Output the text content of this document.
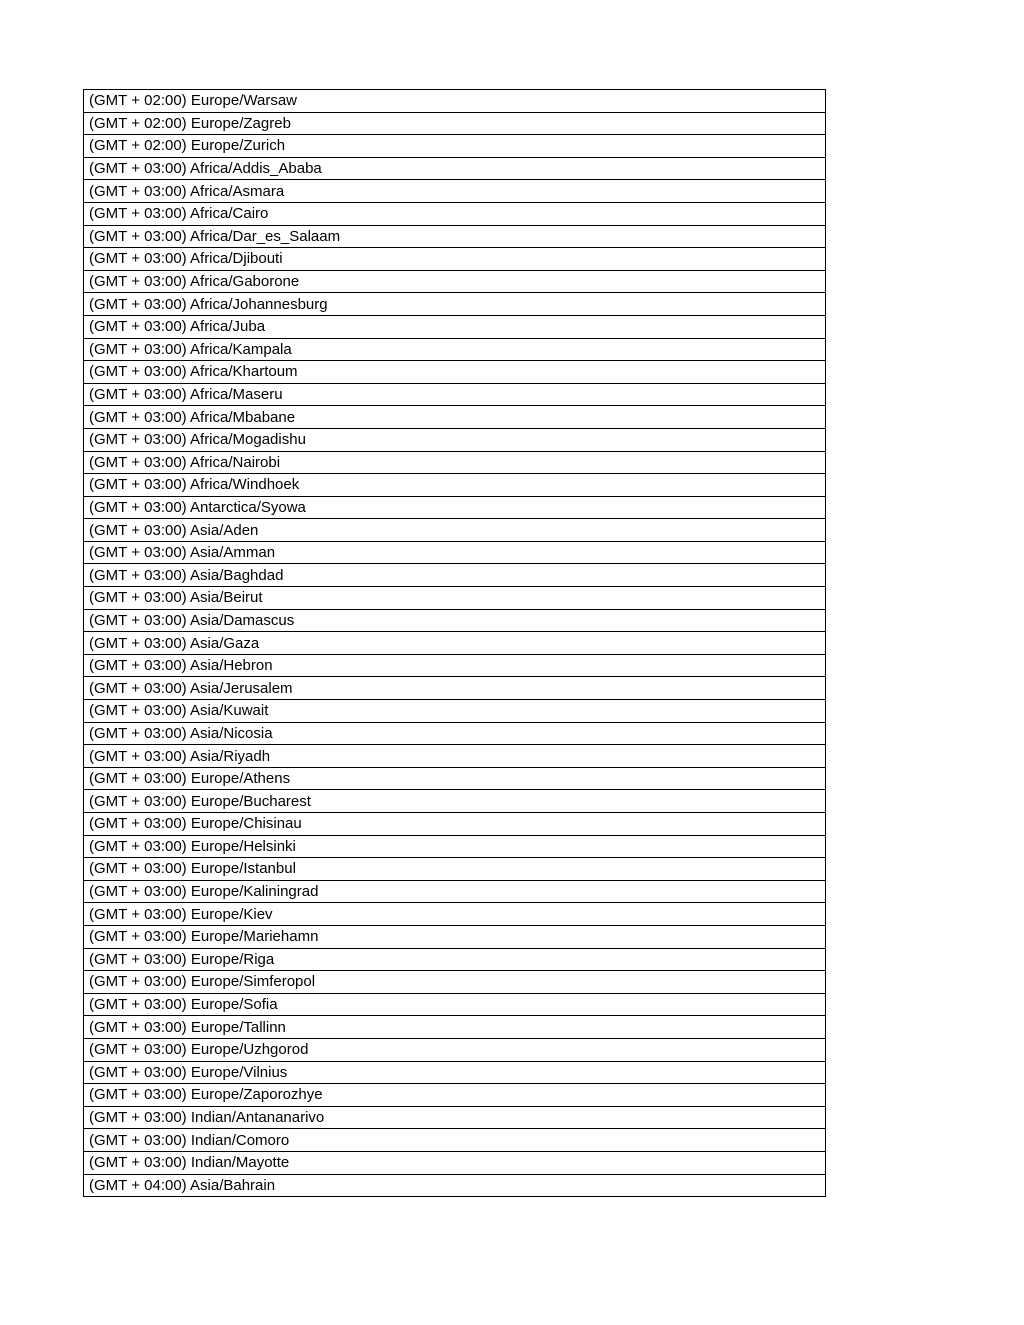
(GMT + 02:00) Europe/Warsaw
(GMT + 02:00) Europe/Zagreb
(GMT + 02:00) Europe/Zurich
(GMT + 03:00) Africa/Addis_Ababa
(GMT + 03:00) Africa/Asmara
(GMT + 03:00) Africa/Cairo
(GMT + 03:00) Africa/Dar_es_Salaam
(GMT + 03:00) Africa/Djibouti
(GMT + 03:00) Africa/Gaborone
(GMT + 03:00) Africa/Johannesburg
(GMT + 03:00) Africa/Juba
(GMT + 03:00) Africa/Kampala
(GMT + 03:00) Africa/Khartoum
(GMT + 03:00) Africa/Maseru
(GMT + 03:00) Africa/Mbabane
(GMT + 03:00) Africa/Mogadishu
(GMT + 03:00) Africa/Nairobi
(GMT + 03:00) Africa/Windhoek
(GMT + 03:00) Antarctica/Syowa
(GMT + 03:00) Asia/Aden
(GMT + 03:00) Asia/Amman
(GMT + 03:00) Asia/Baghdad
(GMT + 03:00) Asia/Beirut
(GMT + 03:00) Asia/Damascus
(GMT + 03:00) Asia/Gaza
(GMT + 03:00) Asia/Hebron
(GMT + 03:00) Asia/Jerusalem
(GMT + 03:00) Asia/Kuwait
(GMT + 03:00) Asia/Nicosia
(GMT + 03:00) Asia/Riyadh
(GMT + 03:00) Europe/Athens
(GMT + 03:00) Europe/Bucharest
(GMT + 03:00) Europe/Chisinau
(GMT + 03:00) Europe/Helsinki
(GMT + 03:00) Europe/Istanbul
(GMT + 03:00) Europe/Kaliningrad
(GMT + 03:00) Europe/Kiev
(GMT + 03:00) Europe/Mariehamn
(GMT + 03:00) Europe/Riga
(GMT + 03:00) Europe/Simferopol
(GMT + 03:00) Europe/Sofia
(GMT + 03:00) Europe/Tallinn
(GMT + 03:00) Europe/Uzhgorod
(GMT + 03:00) Europe/Vilnius
(GMT + 03:00) Europe/Zaporozhye
(GMT + 03:00) Indian/Antananarivo
(GMT + 03:00) Indian/Comoro
(GMT + 03:00) Indian/Mayotte
(GMT + 04:00) Asia/Bahrain
